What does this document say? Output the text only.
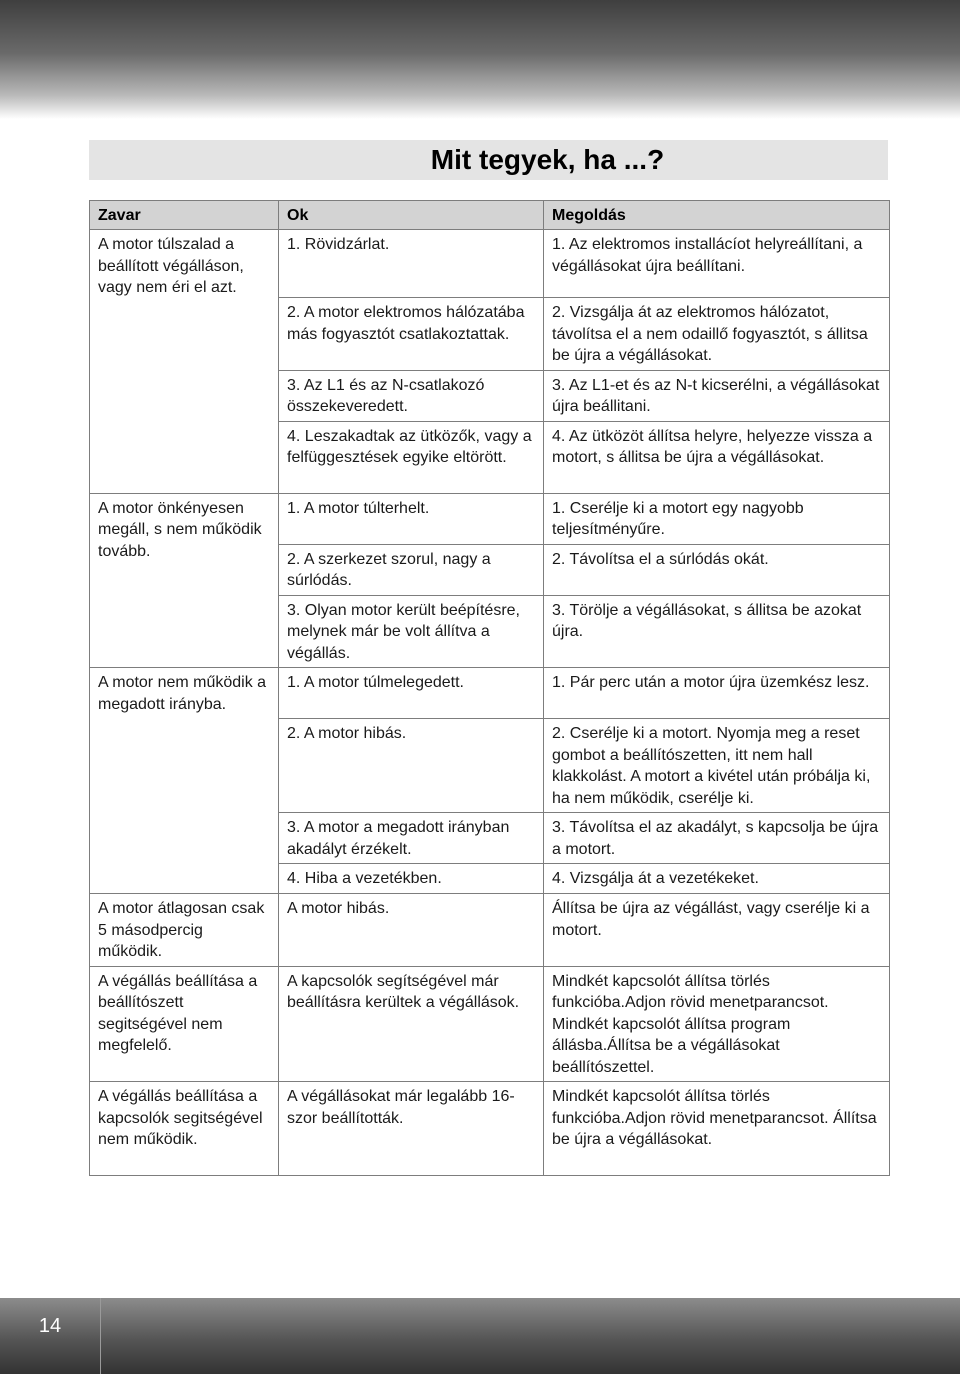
Mit tegyek, ha ...?
Zavar	Ok	Megoldás
A motor túlszalad a beállított végálláson, vagy nem éri el azt.	1. Rövidzárlat.	1. Az elektromos installácíot helyreállítani, a végállásokat újra beállítani.
	2. A motor elektromos hálózatába más fogyasztót csatlakoztattak.	2. Vizsgálja át az elektromos hálózatot, távolítsa el a nem odaillő fogyasztót, s állitsa be újra a végállásokat.
	3. Az L1 és az N-csatlakozó összekeveredett.	3. Az L1-et és az N-t kicserélni, a végállásokat újra beállitani.
	4. Leszakadtak az ütközők, vagy a felfüggesztések egyike eltörött.	4. Az ütközöt állítsa helyre, helyezze vissza a motort, s állitsa be újra a végállásokat.
A motor önkényesen megáll, s nem működik tovább.	1. A motor túlterhelt.	1. Cserélje ki a motort egy nagyobb teljesítményűre.
	2. A szerkezet szorul, nagy a súrlódás.	2. Távolítsa el a súrlódás okát.
	3. Olyan motor került beépítésre, melynek már be volt állítva a végállás.	3. Törölje a végállásokat, s állitsa be azokat újra.
A motor nem működik a megadott irányba.	1. A motor túlmelegedett.	1. Pár perc után a motor újra üzemkész lesz.
	2. A motor hibás.	2. Cserélje ki a motort. Nyomja meg a reset gombot a beállítószetten, itt nem hall klakkolást. A motort a kivétel után próbálja ki, ha nem működik, cserélje ki.
	3. A motor a megadott irányban akadályt érzékelt.	3. Távolítsa el az akadályt, s kapcsolja be újra a motort.
	4. Hiba a vezetékben.	4. Vizsgálja át a vezetékeket.
A motor átlagosan csak 5 másodpercig működik.	A motor hibás.	Állítsa be újra az végállást, vagy cserélje ki a motort.
A végállás beállítása a beállítószett segitségével nem megfelelő.	A kapcsolók segítségével már beállításra kerültek a végállások.	Mindkét kapcsolót állítsa törlés funkcióba.Adjon rövid menetparancsot. Mindkét kapcsolót állítsa program állásba.Állítsa be a végállásokat beállítószettel.
A végállás beállítása a kapcsolók segitségével nem működik.	A végállásokat már legalább 16-szor beállították.	Mindkét kapcsolót állítsa törlés funkcióba.Adjon rövid menetparancsot. Állítsa be újra a végállásokat.
14
